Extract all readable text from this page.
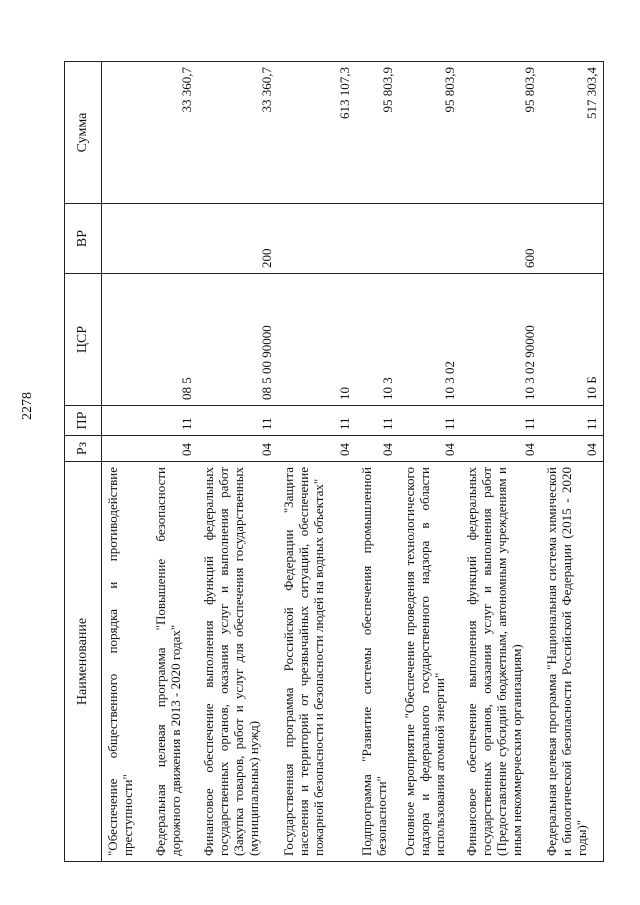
2278
Наименование	Рз	ПР	ЦСР	ВР	Сумма
"Обеспечение общественного порядка и противодействие преступности"					
Федеральная целевая программа "Повышение безопасности дорожного движения в 2013 - 2020 годах"	04	11	08 5		33 360,7
Финансовое обеспечение выполнения функций федеральных государственных органов, оказания услуг и выполнения работ (Закупка товаров, работ и услуг для обеспечения государственных (муниципальных) нужд)	04	11	08 5 00 90000	200	33 360,7
Государственная программа Российской Федерации "Защита населения и территорий от чрезвычайных ситуаций, обеспечение пожарной безопасности и безопасности людей на водных объектах"	04	11	10		613 107,3
Подпрограмма "Развитие системы обеспечения промышленной безопасности"	04	11	10 3		95 803,9
Основное мероприятие "Обеспечение проведения технологического надзора и федерального государственного надзора в области использования атомной энергии"	04	11	10 3 02		95 803,9
Финансовое обеспечение выполнения функций федеральных государственных органов, оказания услуг и выполнения работ (Предоставление субсидий бюджетным, автономным учреждениям и иным некоммерческим организациям)	04	11	10 3 02 90000	600	95 803,9
Федеральная целевая программа "Национальная система химической и биологической безопасности Российской Федерации (2015 - 2020 годы)"	04	11	10 Б		517 303,4
